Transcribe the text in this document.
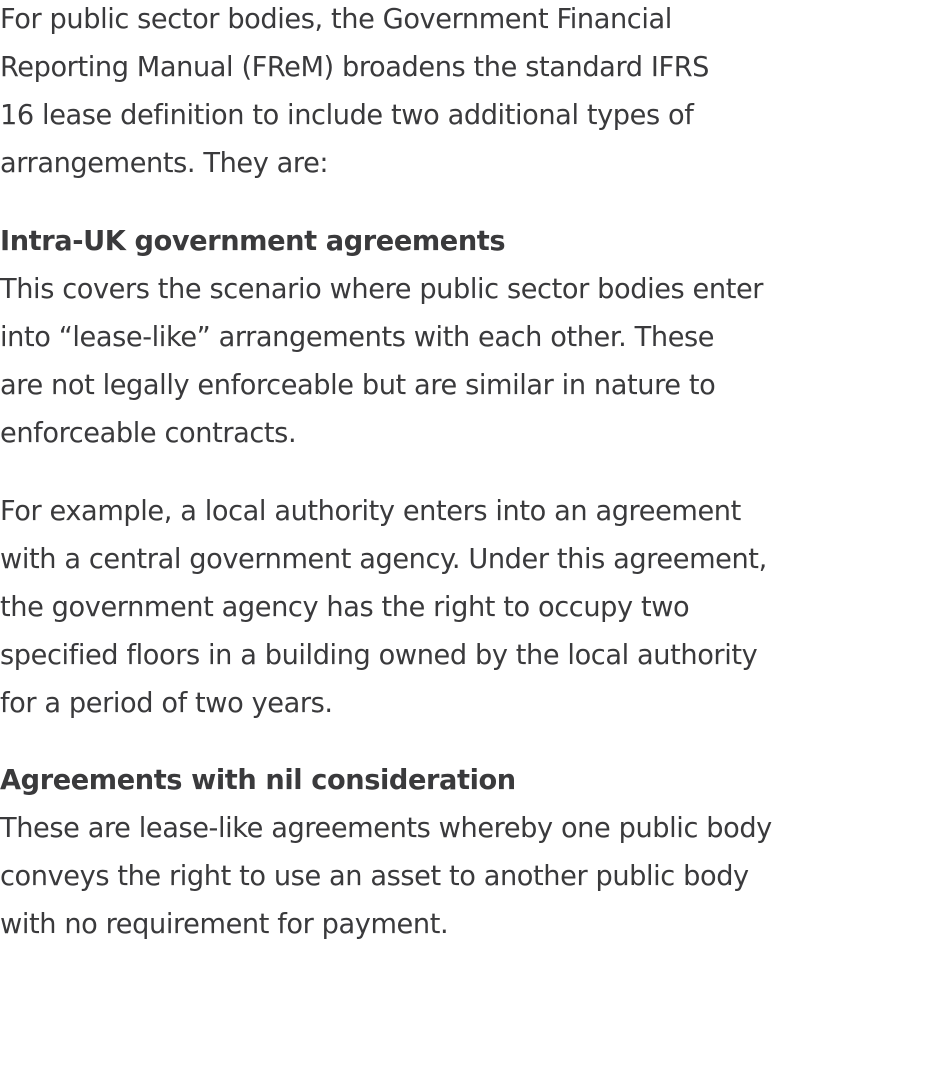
For public sector bodies, the Government Financial
Reporting Manual (FReM) broadens the standard IFRS
16 lease definition to include two additional types of
arrangements. They are:
Intra-UK government agreements
This covers the scenario where public sector bodies enter
into “lease-like” arrangements with each other. These
are not legally enforceable but are similar in nature to
enforceable contracts.
For example, a local authority enters into an agreement
with a central government agency. Under this agreement,
the government agency has the right to occupy two
specified floors in a building owned by the local authority
for a period of two years.
Agreements with nil consideration
These are lease-like agreements whereby one public body
conveys the right to use an asset to another public body
with no requirement for payment.
